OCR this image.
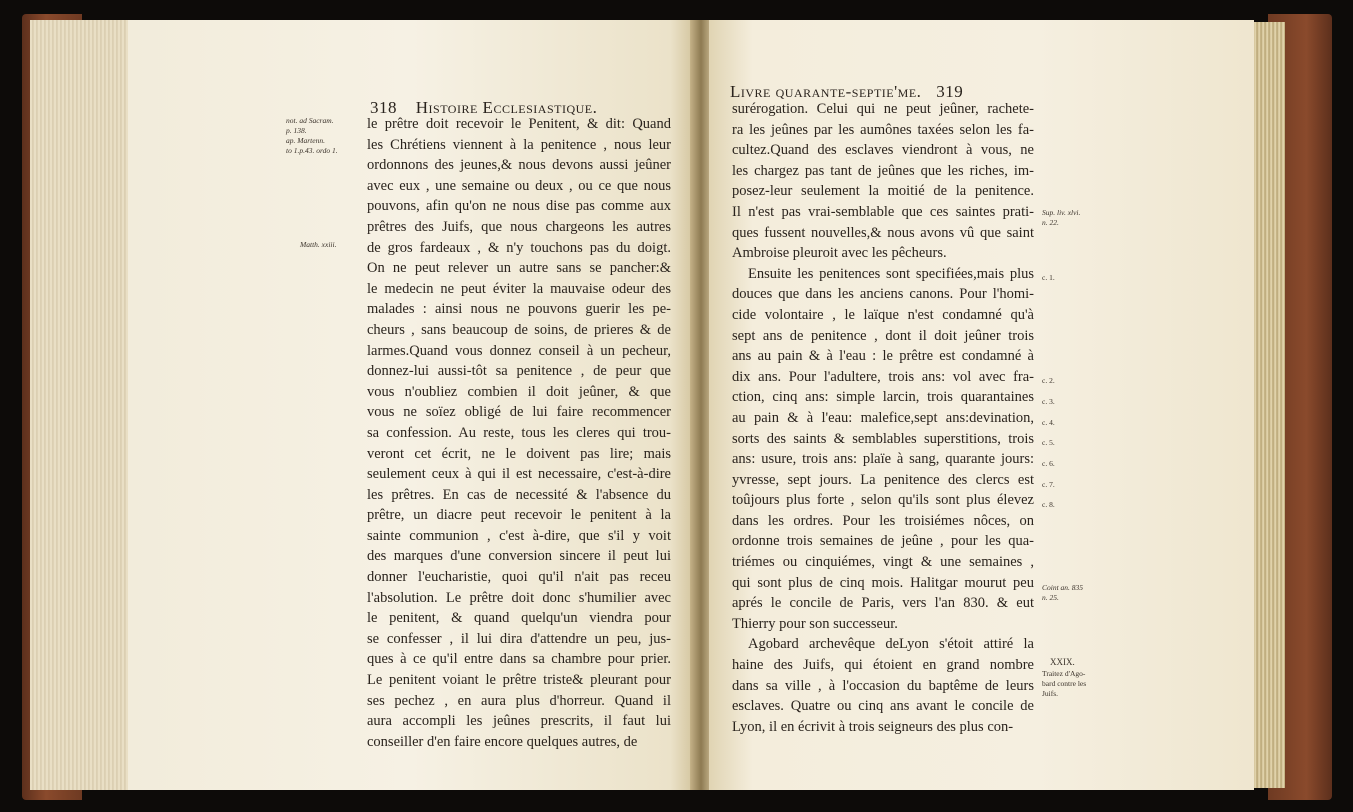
318 Histoire Ecclesiastique.
le prêtre doit recevoir le Penitent, & dit: Quand
les Chrétiens viennent à la penitence , nous leur
ordonnons des jeunes,& nous devons aussi jeûner
avec eux , une semaine ou deux , ou ce que nous
pouvons, afin qu'on ne nous dise pas comme aux
prêtres des Juifs, que nous chargeons les autres
de gros fardeaux , & n'y touchons pas du doigt.
On ne peut relever un autre sans se pancher:&
le medecin ne peut éviter la mauvaise odeur des
malades : ainsi nous ne pouvons guerir les pe-
cheurs , sans beaucoup de soins, de prieres & de
larmes.Quand vous donnez conseil à un pecheur,
donnez-lui aussi-tôt sa penitence , de peur que
vous n'oubliez combien il doit jeûner, & que
vous ne soïez obligé de lui faire recommencer
sa confession. Au reste, tous les cleres qui trou-
veront cet écrit, ne le doivent pas lire; mais
seulement ceux à qui il est necessaire, c'est-à-dire
les prêtres. En cas de necessité & l'absence du
prêtre, un diacre peut recevoir le penitent à la
sainte communion , c'est à-dire, que s'il y voit
des marques d'une conversion sincere il peut lui
donner l'eucharistie, quoi qu'il n'ait pas receu
l'absolution. Le prêtre doit donc s'humilier avec
le penitent, & quand quelqu'un viendra pour
se confesser , il lui dira d'attendre un peu, jus-
ques à ce qu'il entre dans sa chambre pour prier.
Le penitent voiant le prêtre triste& pleurant pour
ses pechez , en aura plus d'horreur. Quand il
aura accompli les jeûnes prescrits, il faut lui
conseiller d'en faire encore quelques autres, de
not. ad Sacram.
p. 138.
ap. Martenn.
to 1.p.43. ordo 1.
Matth. xxiii.
Livre quarante-septie'me. 319
surérogation. Celui qui ne peut jeûner, rachete-
ra les jeûnes par les aumônes taxées selon les fa-
cultez.Quand des esclaves viendront à vous, ne
les chargez pas tant de jeûnes que les riches, im-
posez-leur seulement la moitié de la penitence.
Il n'est pas vrai-semblable que ces saintes prati-
ques fussent nouvelles,& nous avons vû que saint
Ambroise pleuroit avec les pêcheurs.
Ensuite les penitences sont specifiées,mais plus
douces que dans les anciens canons. Pour l'homi-
cide volontaire , le laïque n'est condamné qu'à
sept ans de penitence , dont il doit jeûner trois
ans au pain & à l'eau : le prêtre est condamné à
dix ans. Pour l'adultere, trois ans: vol avec fra-
ction, cinq ans: simple larcin, trois quarantaines
au pain & à l'eau: malefice,sept ans:devination,
sorts des saints & semblables superstitions, trois
ans: usure, trois ans: plaïe à sang, quarante jours:
yvresse, sept jours. La penitence des clercs est
toûjours plus forte , selon qu'ils sont plus élevez
dans les ordres. Pour les troisiémes nôces, on
ordonne trois semaines de jeûne , pour les qua-
triémes ou cinquiémes, vingt & une semaines ,
qui sont plus de cinq mois. Halitgar mourut peu
aprés le concile de Paris, vers l'an 830. & eut
Thierry pour son successeur.
Agobard archevêque deLyon s'étoit attiré la
haine des Juifs, qui étoient en grand nombre
dans sa ville , à l'occasion du baptême de leurs
esclaves. Quatre ou cinq ans avant le concile de
Lyon, il en écrivit à trois seigneurs des plus con-
Sup. liv. xlvi.
n. 22.
c. 1.
c. 2.
c. 3.
c. 4.
c. 5.
c. 6.
c. 7.
c. 8.
Coint an. 835
n. 25.
XXIX.
Traitez d'Ago-
bard contre les
Juifs.
